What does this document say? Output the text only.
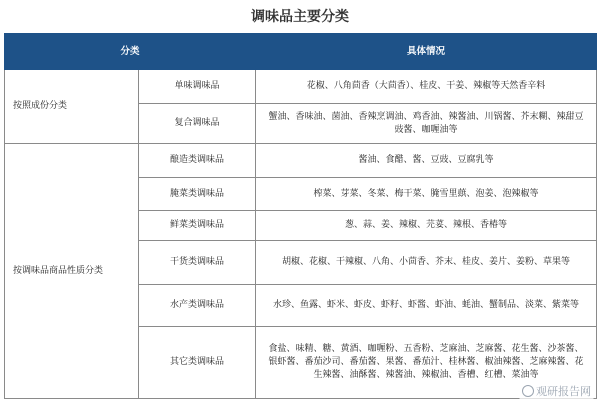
调味品主要分类
分类		具体情况
按照成份分类	单味调味品	花椒、八角茴香（大茴香）、桂皮、干姜、辣椒等天然香辛料
	复合调味品	蟹油、香味油、菌油、香辣烹调油、鸡香油、辣酱油、川锅酱、芥末糊、辣甜豆豉酱、咖喱油等
按调味品商品性质分类	酿造类调味品	酱油、食醋、酱、豆豉、豆腐乳等
	腌菜类调味品	榨菜、芽菜、冬菜、梅干菜、腌雪里蕻、泡姜、泡辣椒等
	鲜菜类调味品	葱、蒜、姜、辣椒、芫荽、辣根、香椿等
	干货类调味品	胡椒、花椒、干辣椒、八角、小茴香、芥末、桂皮、姜片、姜粉、草果等
	水产类调味品	水珍、鱼露、虾米、虾皮、虾籽、虾酱、虾油、蚝油、蟹制品、淡菜、紫菜等
	其它类调味品	食盐、味精、糖、黄酒、咖喱粉、五香粉、芝麻油、芝麻酱、花生酱、沙茶酱、银虾酱、番茄沙司、番茄酱、果酱、番茄汁、桂林酱、椒油辣酱、芝麻辣酱、花生辣酱、油酥酱、辣酱油、辣椒油、香槽、红槽、菜油等
观研报告网
